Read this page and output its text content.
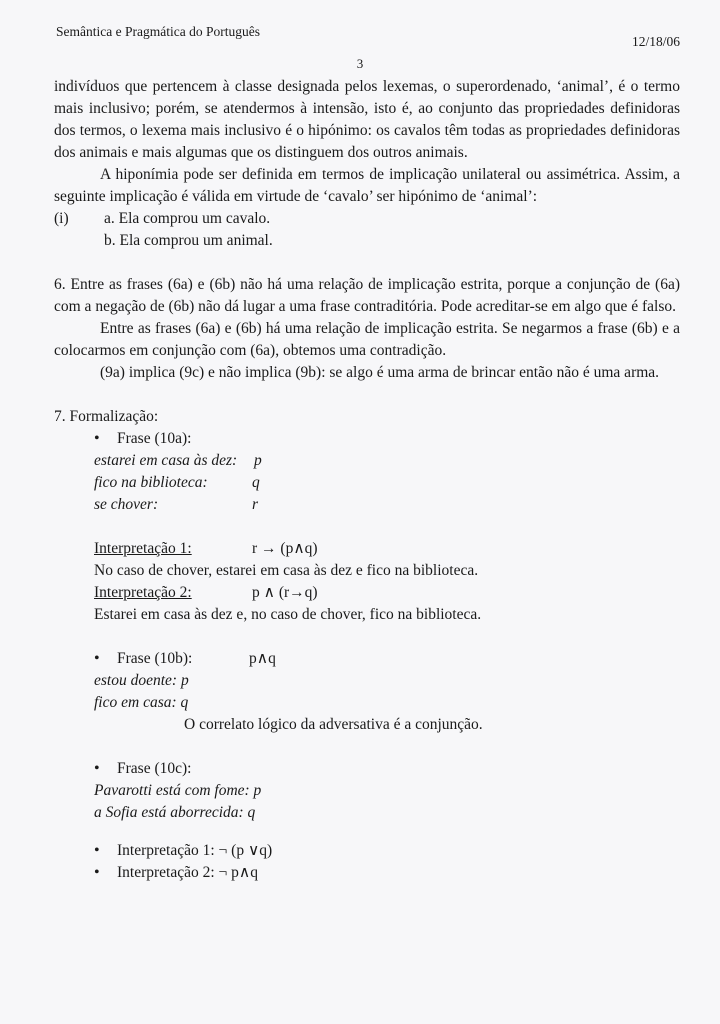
Semântica e Pragmática do Português
12/18/06
3

indivíduos que pertencem à classe designada pelos lexemas, o superordenado, ‘animal’, é o termo mais inclusivo; porém, se atendermos à intensão, isto é, ao conjunto das propriedades definidoras dos termos, o lexema mais inclusivo é o hipónimo: os cavalos têm todas as propriedades definidoras dos animais e mais algumas que os distinguem dos outros animais.

A hiponímia pode ser definida em termos de implicação unilateral ou assimétrica. Assim, a seguinte implicação é válida em virtude de ‘cavalo’ ser hipónimo de ‘animal’:

(i) a. Ela comprou um cavalo.

b. Ela comprou um animal.

6. Entre as frases (6a) e (6b) não há uma relação de implicação estrita, porque a conjunção de (6a) com a negação de (6b) não dá lugar a uma frase contraditória. Pode acreditar-se em algo que é falso.

Entre as frases (6a) e (6b) há uma relação de implicação estrita. Se negarmos a frase (6b) e a colocarmos em conjunção com (6a), obtemos uma contradição.

(9a) implica (9c) e não implica (9b): se algo é uma arma de brincar então não é uma arma.

7. Formalização:

• Frase (10a):

estarei em casa às dez:	p
fico na biblioteca:	q
se chover:	r

Interpretação 1:	r → (p∧q)

No caso de chover, estarei em casa às dez e fico na biblioteca.

Interpretação 2:	p ∧ (r→q)

Estarei em casa às dez e, no caso de chover, fico na biblioteca.

• Frase (10b):	p∧q

estou doente: p

fico em casa: q

O correlato lógico da adversativa é a conjunção.

• Frase (10c):

Pavarotti está com fome: p

a Sofia está aborrecida: q

• Interpretação 1: ¬ (p ∨q)

• Interpretação 2: ¬ p∧q
